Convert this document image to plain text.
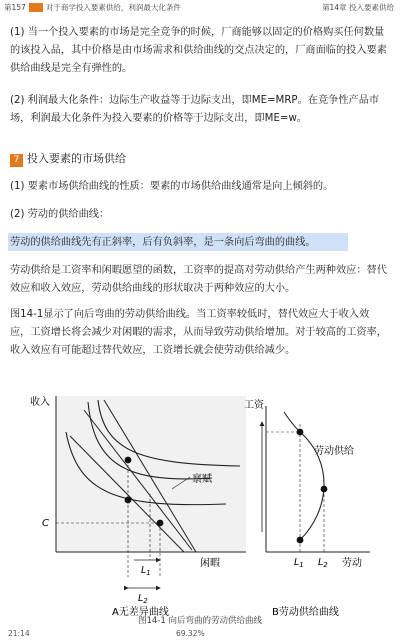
第157	对于商学投入要素供给，利润最大化条件	第14章 投入要素供给

(1) 当一个投入要素的市场是完全竞争的时候，厂商能够以固定的价格购买任何数量的该投入品，其中价格是由市场需求和供给曲线的交点决定的，厂商面临的投入要素供给曲线是完全有弹性的。

(2) 利润最大化条件：边际生产收益等于边际支出，即ME=MRP。在竞争性产品市场，利润最大化条件为投入要素的价格等于边际支出，即ME=w。

7 投入要素的市场供给

(1) 要素市场供给曲线的性质：要素的市场供给曲线通常是向上倾斜的。

(2) 劳动的供给曲线：

劳动的供给曲线先有正斜率，后有负斜率，是一条向后弯曲的曲线。

劳动供给是工资率和闲暇愿望的函数，工资率的提高对劳动供给产生两种效应：替代效应和收入效应，劳动供给曲线的形状取决于两种效应的大小。

图14-1显示了向后弯曲的劳动供给曲线。当工资率较低时，替代效应大于收入效应，工资增长将会减少对闲暇的需求，从而导致劳动供给增加。对于较高的工资率，收入效应有可能超过替代效应，工资增长就会使劳动供给减少。

收入
闲暇
禀赋
C
$L_1$
$L_2$
A无差异曲线
工资
劳动
劳动供给
$L_1$ $L_2$
B劳动供给曲线
图14-1 向后弯曲的劳动供给曲线
21:14	69.32%
